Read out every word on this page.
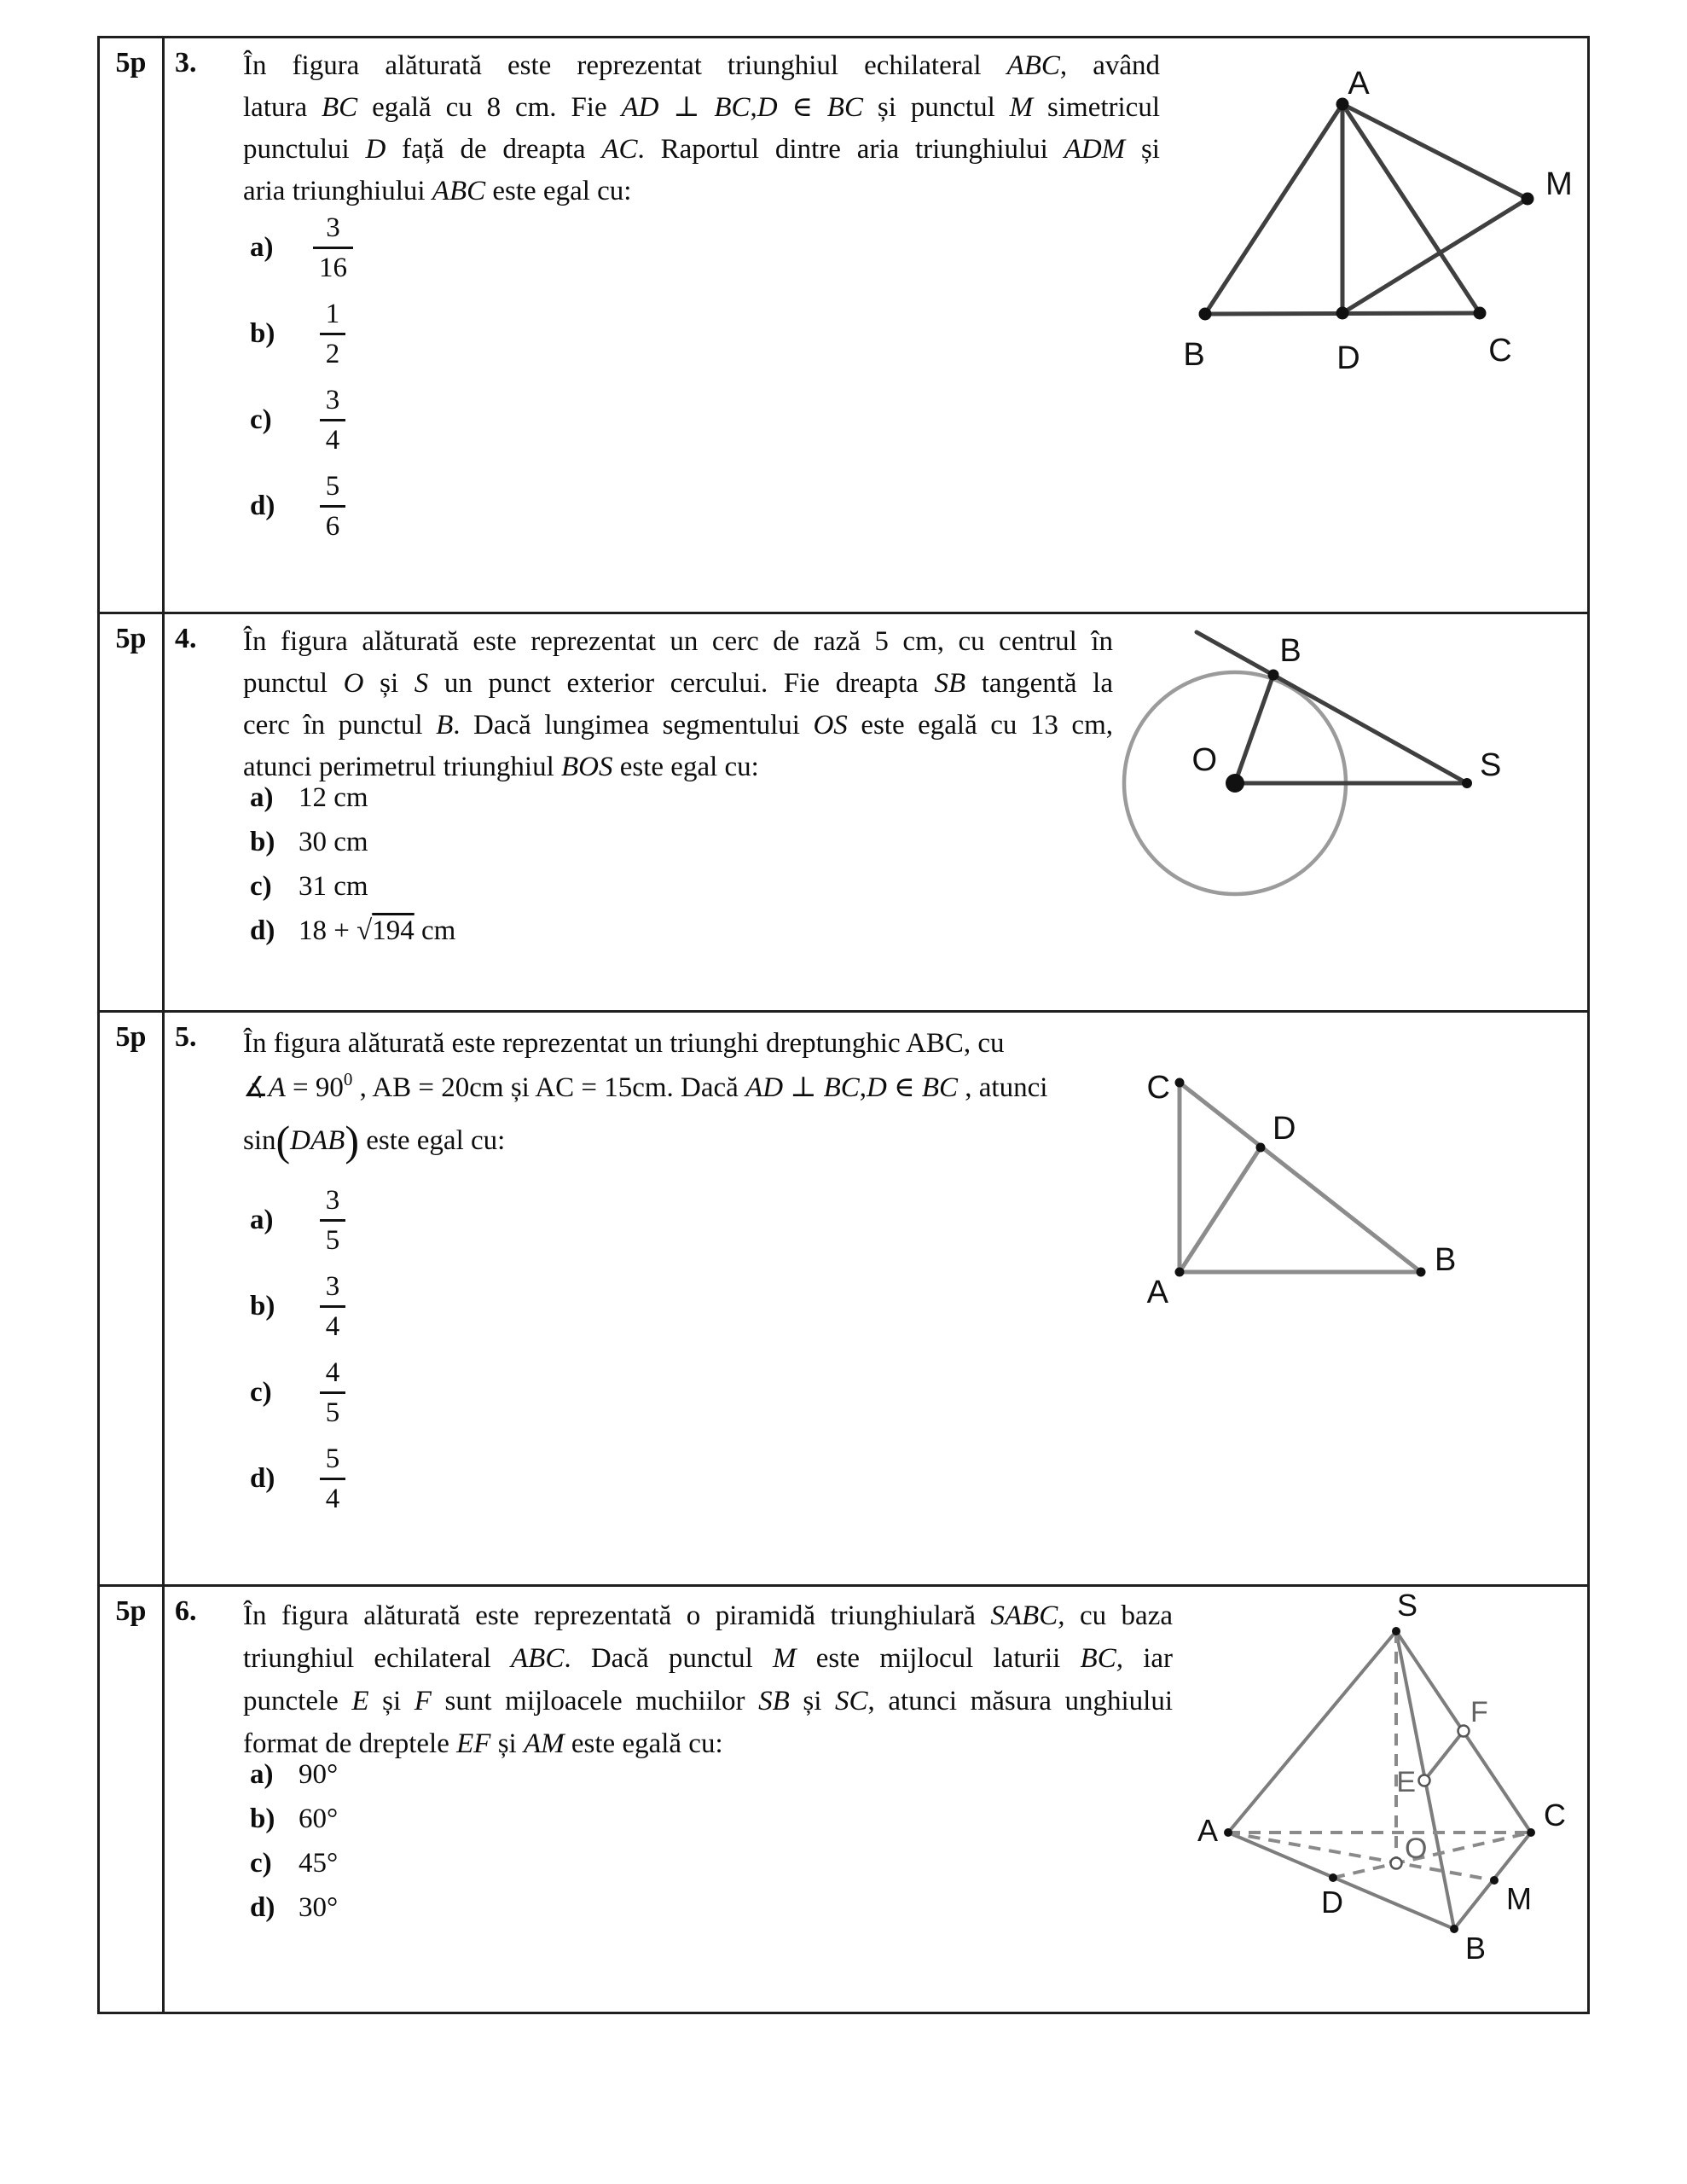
5p 3. În figura alăturată este reprezentat triunghiul echilateral ABC, având
latura BC egală cu 8 cm. Fie AD ⊥ BC,D ∈ BC și punctul M simetricul
punctului D față de dreapta AC. Raportul dintre aria triunghiului ADM și
aria triunghiului ABC este egal cu:
a)	$\frac{3}{16}$
b)	$\frac{1}{2}$
c)	$\frac{3}{4}$
d)	$\frac{5}{6}$
A
B	D	C
M
5p 4. În figura alăturată este reprezentat un cerc de rază 5 cm, cu centrul în
punctul O și S un punct exterior cercului. Fie dreapta SB tangentă la
cerc în punctul B. Dacă lungimea segmentului OS este egală cu 13 cm,
atunci perimetrul triunghiul BOS este egal cu:
a) 12 cm
b) 30 cm
c) 31 cm
d) 18 + √194 cm
O
B
S
5p 5. În figura alăturată este reprezentat un triunghi dreptunghic ABC, cu
∡A = $90^0$ , AB = 20cm și AC = 15cm. Dacă AD ⊥ BC,D ∈ BC , atunci
sin(DAB) este egal cu:
a)	$\frac{3}{5}$
b)	$\frac{3}{4}$
c)	$\frac{4}{5}$
d)	$\frac{5}{4}$
C
A
B
D
5p 6. În figura alăturată este reprezentată o piramidă triunghiulară SABC, cu baza
triunghiul echilateral ABC. Dacă punctul M este mijlocul laturii BC, iar
punctele E și F sunt mijloacele muchiilor SB și SC, atunci măsura unghiului
format de dreptele EF și AM este egală cu:
a) 90°
b) 60°
c) 45°
d) 30°
S
A	C
B
D	M
O
E
F
